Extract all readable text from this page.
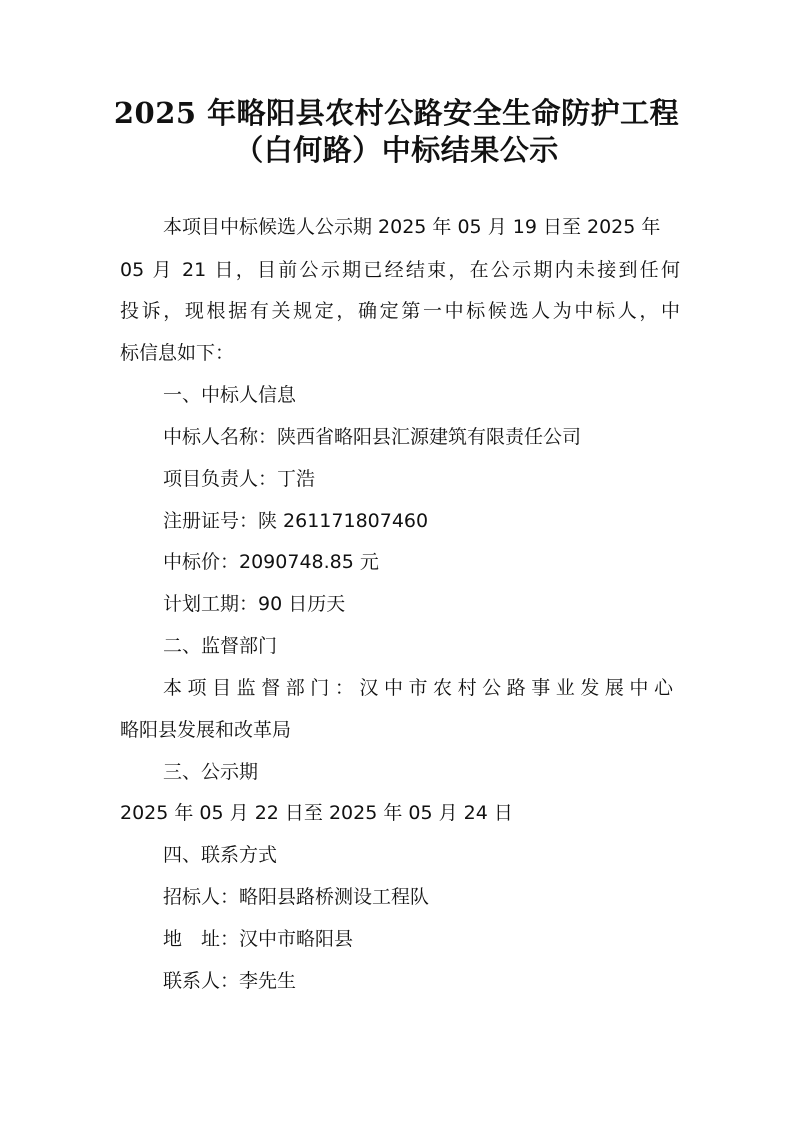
2025 年略阳县农村公路安全生命防护工程
（白何路）中标结果公示
本项目中标候选人公示期 2025 年 05 月 19 日至 2025 年
05 月 21 日，目前公示期已经结束，在公示期内未接到任何
投诉，现根据有关规定，确定第一中标候选人为中标人，中
标信息如下：
一、中标人信息
中标人名称：陕西省略阳县汇源建筑有限责任公司
项目负责人：丁浩
注册证号：陕 261171807460
中标价：2090748.85 元
计划工期：90 日历天
二、监督部门
本项目监督部门：汉中市农村公路事业发展中心
略阳县发展和改革局
三、公示期
2025 年 05 月 22 日至 2025 年 05 月 24 日
四、联系方式
招标人：略阳县路桥测设工程队
地　址：汉中市略阳县
联系人：李先生
